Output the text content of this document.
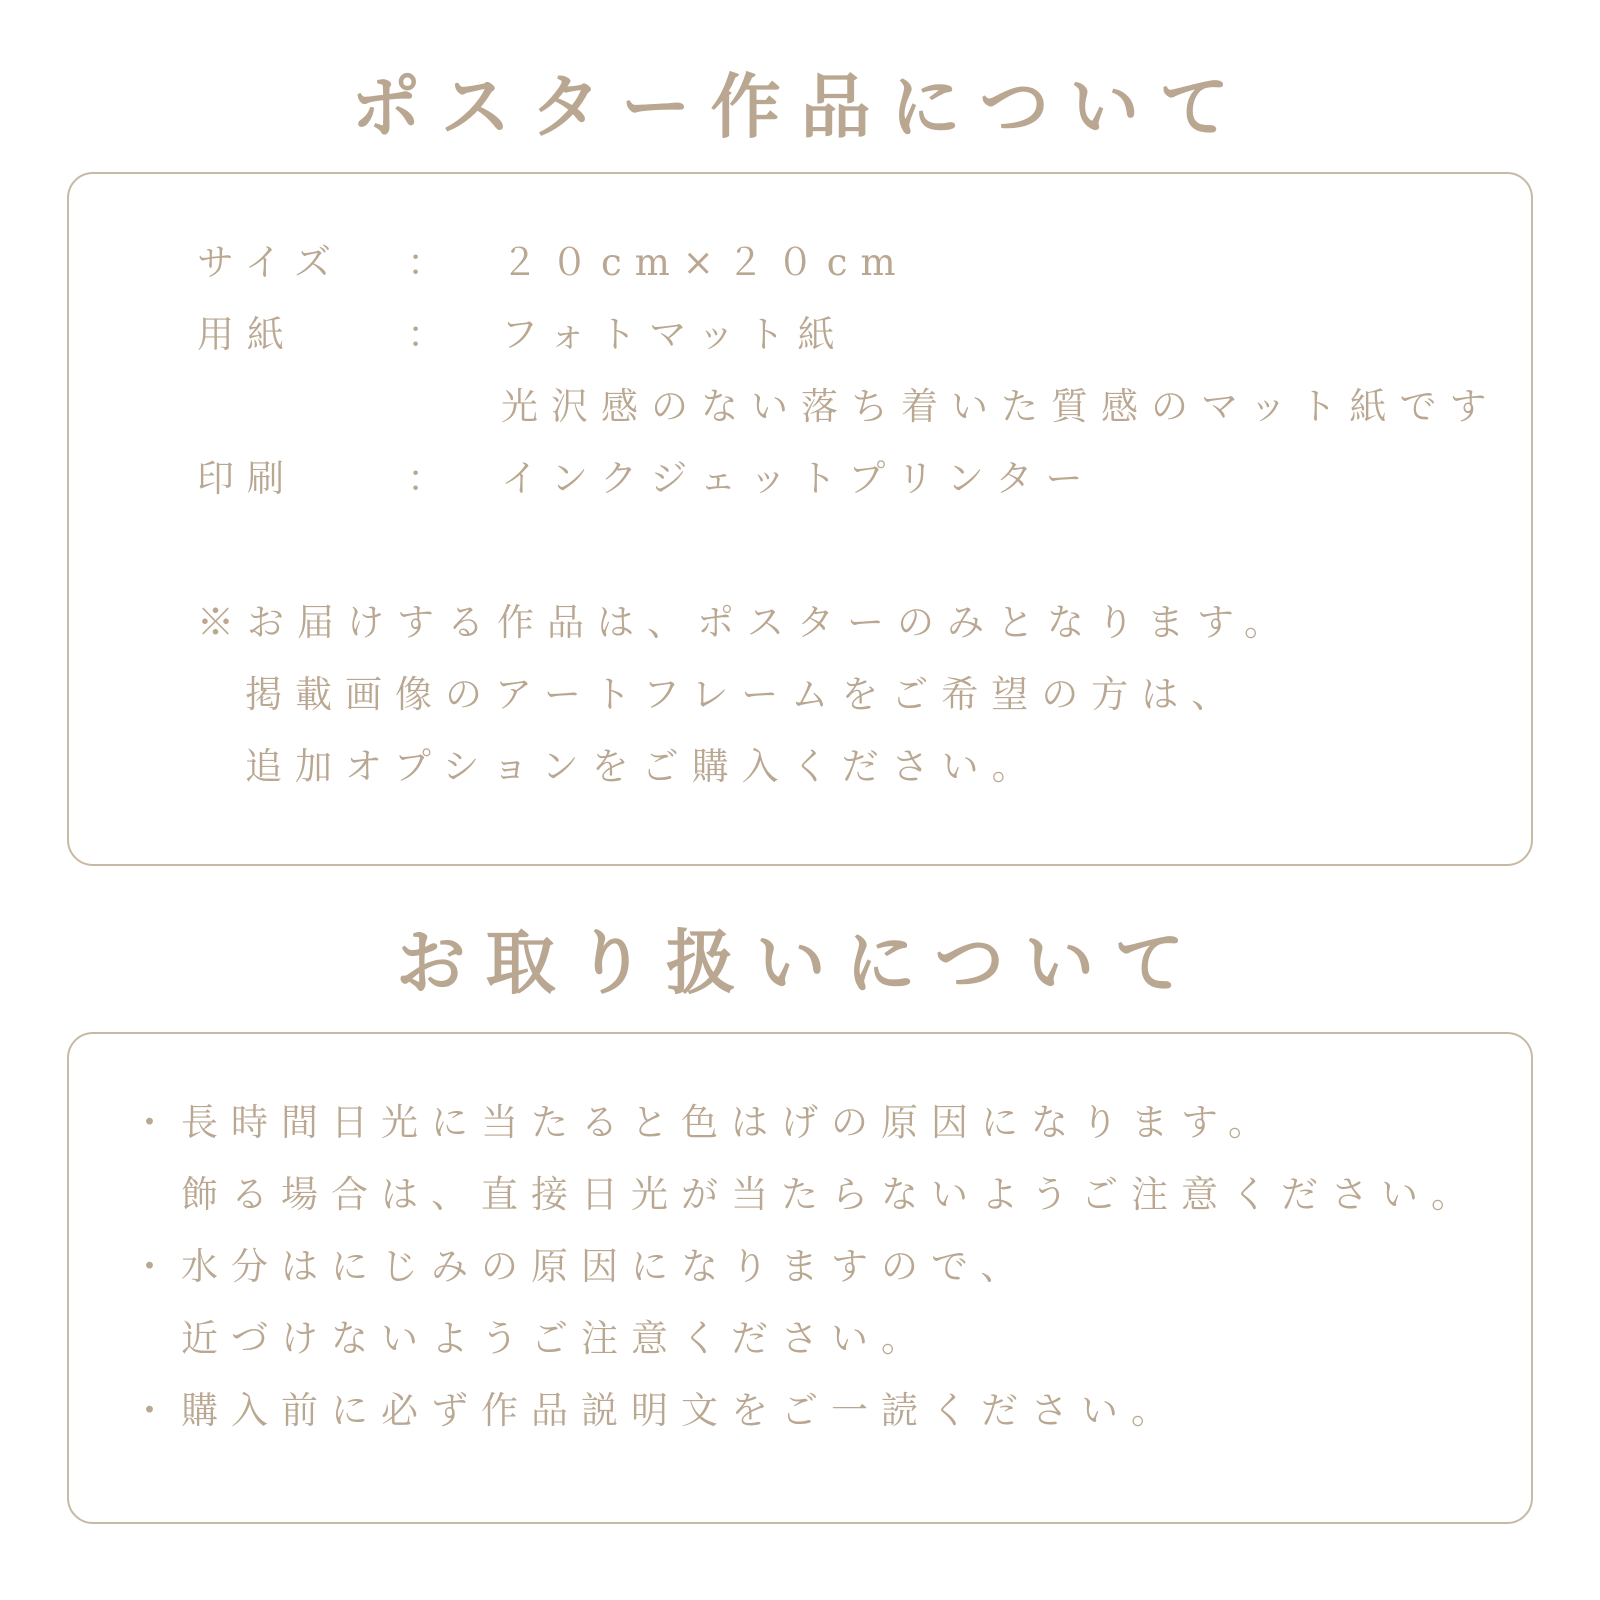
ポスター作品について
サイズ ： ２０cm×２０cm
用紙	： フォトマット紙
光沢感のない落ち着いた質感のマット紙です
印刷	： インクジェットプリンター
※お届けする作品は、ポスターのみとなります。
掲載画像のアートフレームをご希望の方は、
追加オプションをご購入ください。
お取り扱いについて
・長時間日光に当たると色はげの原因になります。
飾る場合は、直接日光が当たらないようご注意ください。
・水分はにじみの原因になりますので、
近づけないようご注意ください。
・購入前に必ず作品説明文をご一読ください。
